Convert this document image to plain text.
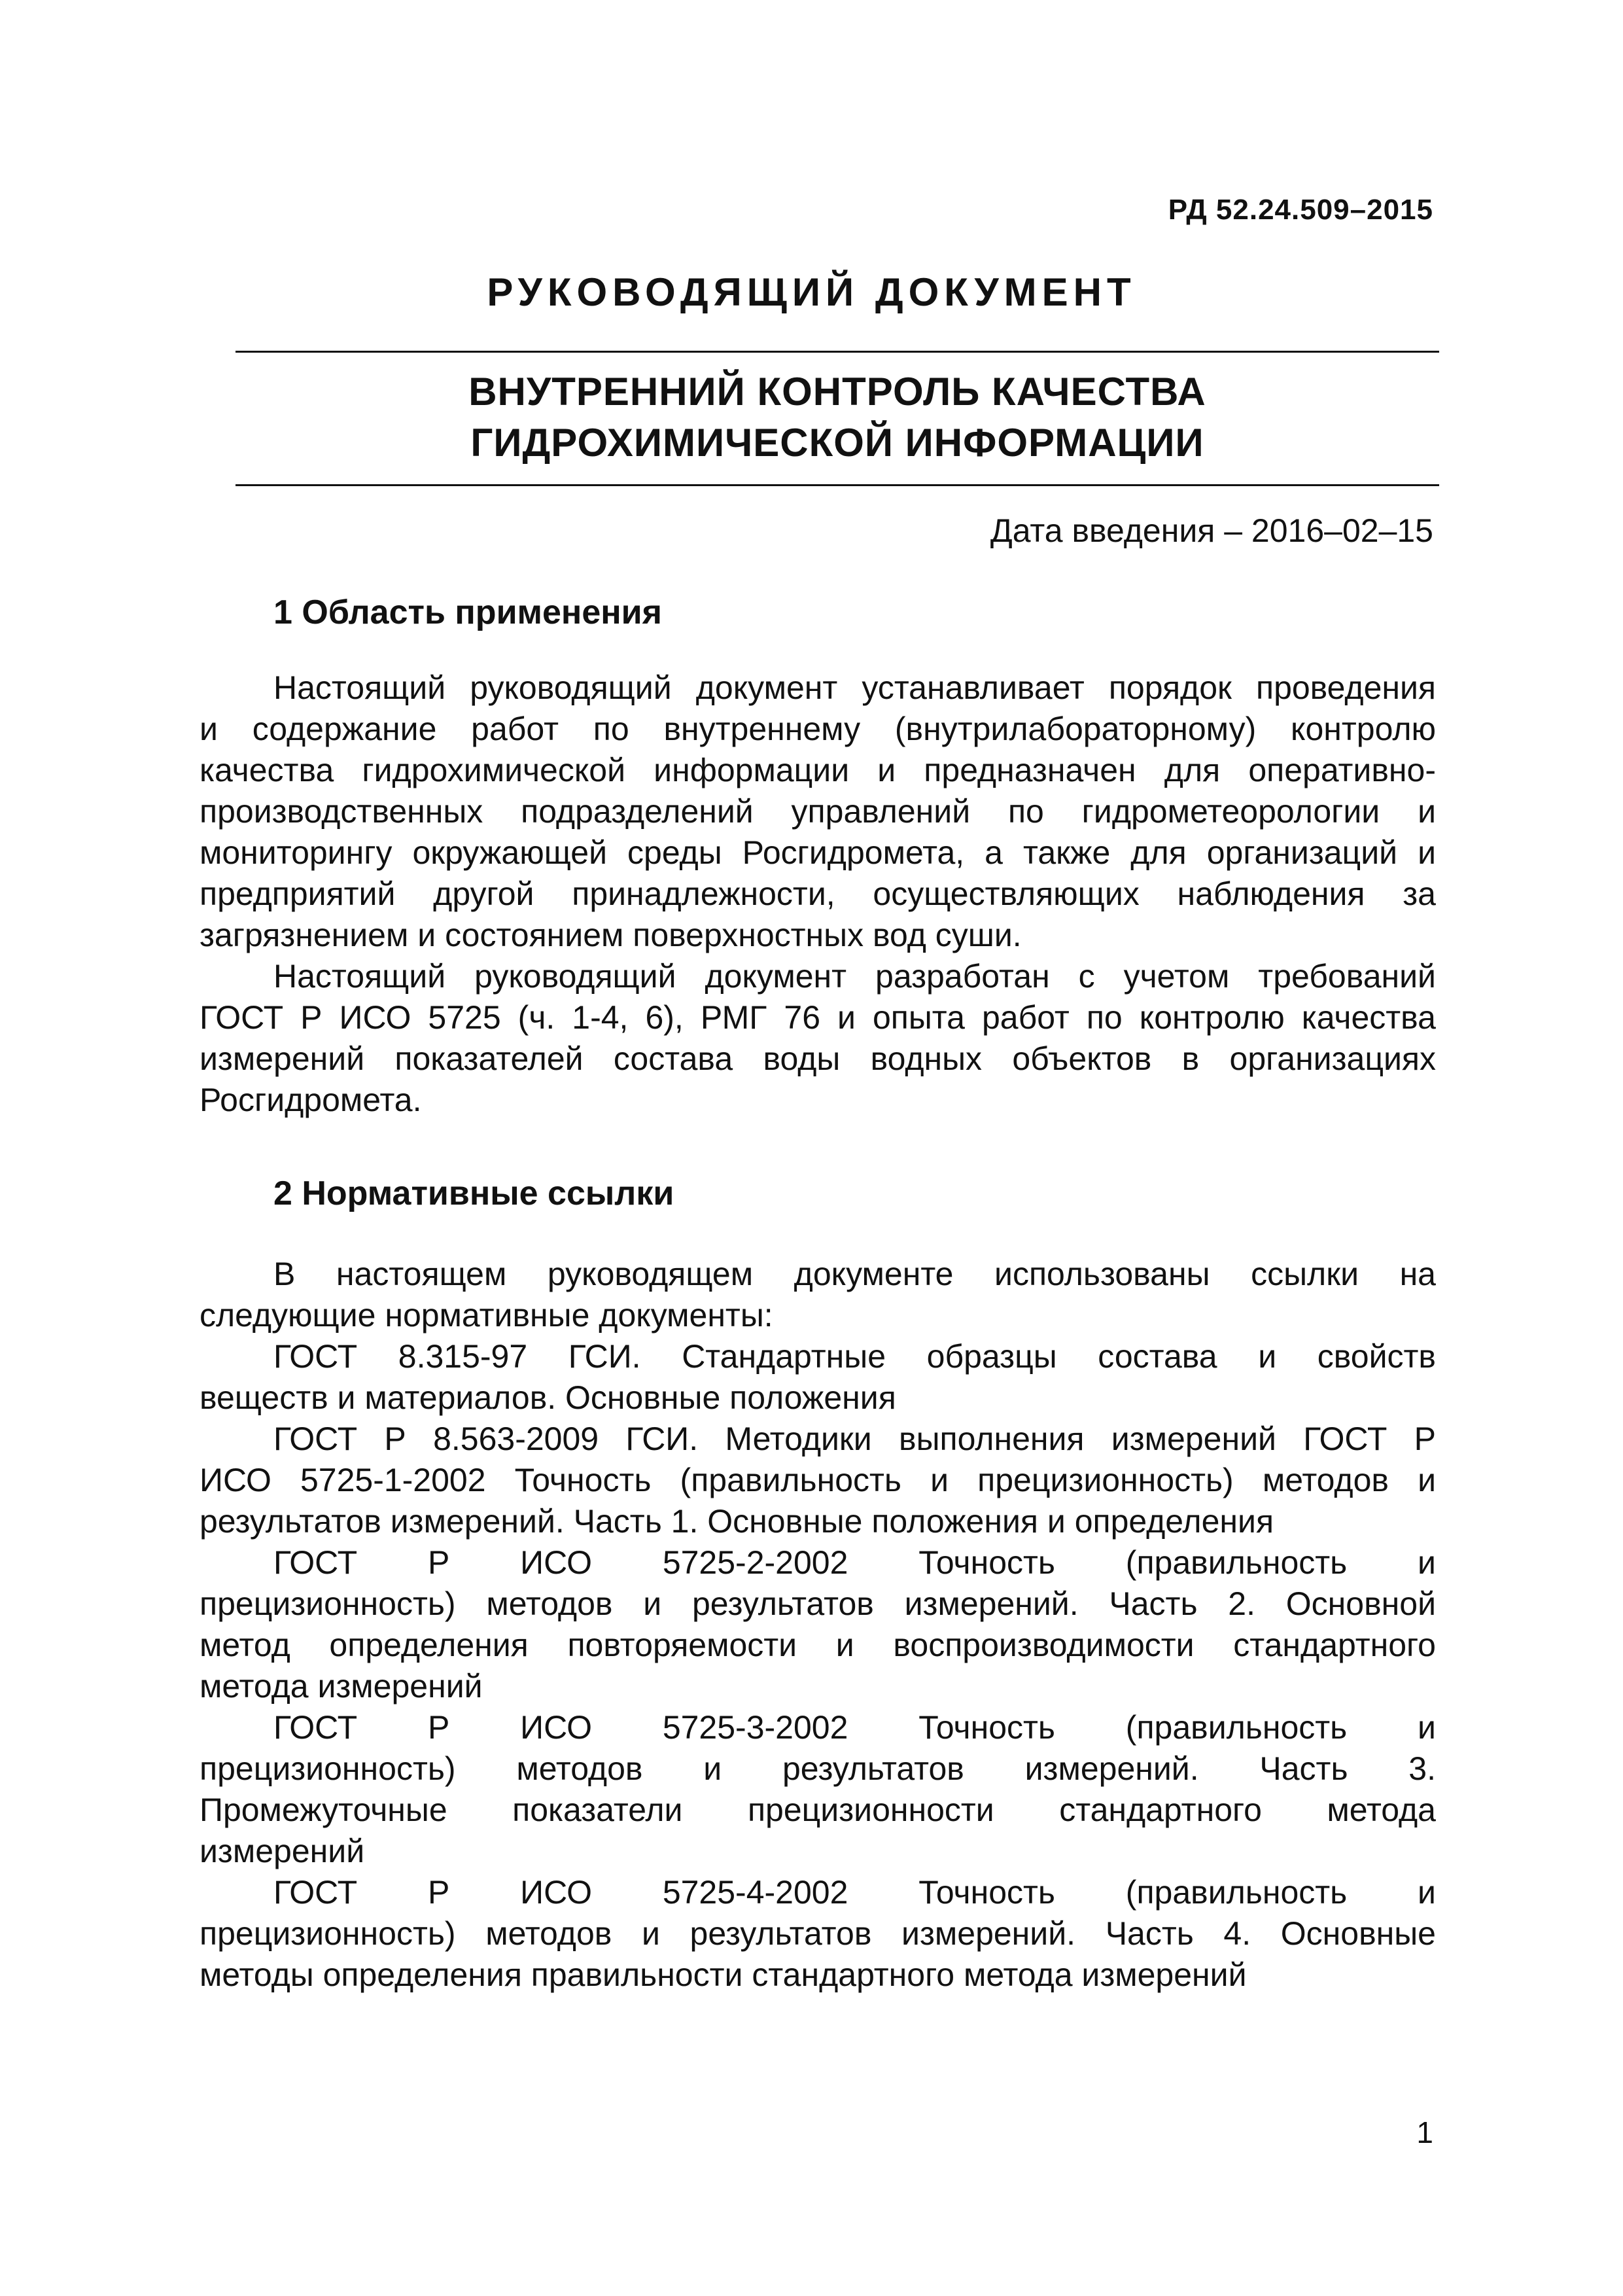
РД 52.24.509–2015
РУКОВОДЯЩИЙ ДОКУМЕНТ
ВНУТРЕННИЙ КОНТРОЛЬ КАЧЕСТВА
ГИДРОХИМИЧЕСКОЙ ИНФОРМАЦИИ
Дата введения – 2016–02–15
1 Область применения
Настоящий руководящий документ устанавливает порядок проведения
и содержание работ по внутреннему (внутрилабораторному) контролю
качества гидрохимической информации и предназначен для оперативно-
производственных подразделений управлений по гидрометеорологии и
мониторингу окружающей среды Росгидромета, а также для организаций и
предприятий другой принадлежности, осуществляющих наблюдения за
загрязнением и состоянием поверхностных вод суши.
Настоящий руководящий документ разработан с учетом требований
ГОСТ Р ИСО 5725 (ч. 1-4, 6), РМГ 76 и опыта работ по контролю качества
измерений показателей состава воды водных объектов в организациях
Росгидромета.
2 Нормативные ссылки
В настоящем руководящем документе использованы ссылки на
следующие нормативные документы:
ГОСТ 8.315-97 ГСИ. Стандартные образцы состава и свойств
веществ и материалов. Основные положения
ГОСТ Р 8.563-2009 ГСИ. Методики выполнения измерений ГОСТ Р
ИСО 5725-1-2002 Точность (правильность и прецизионность) методов и
результатов измерений. Часть 1. Основные положения и определения
ГОСТ Р ИСО 5725-2-2002 Точность (правильность и
прецизионность) методов и результатов измерений. Часть 2. Основной
метод определения повторяемости и воспроизводимости стандартного
метода измерений
ГОСТ Р ИСО 5725-3-2002 Точность (правильность и
прецизионность) методов и результатов измерений. Часть 3.
Промежуточные показатели прецизионности стандартного метода
измерений
ГОСТ Р ИСО 5725-4-2002 Точность (правильность и
прецизионность) методов и результатов измерений. Часть 4. Основные
методы определения правильности стандартного метода измерений
1
